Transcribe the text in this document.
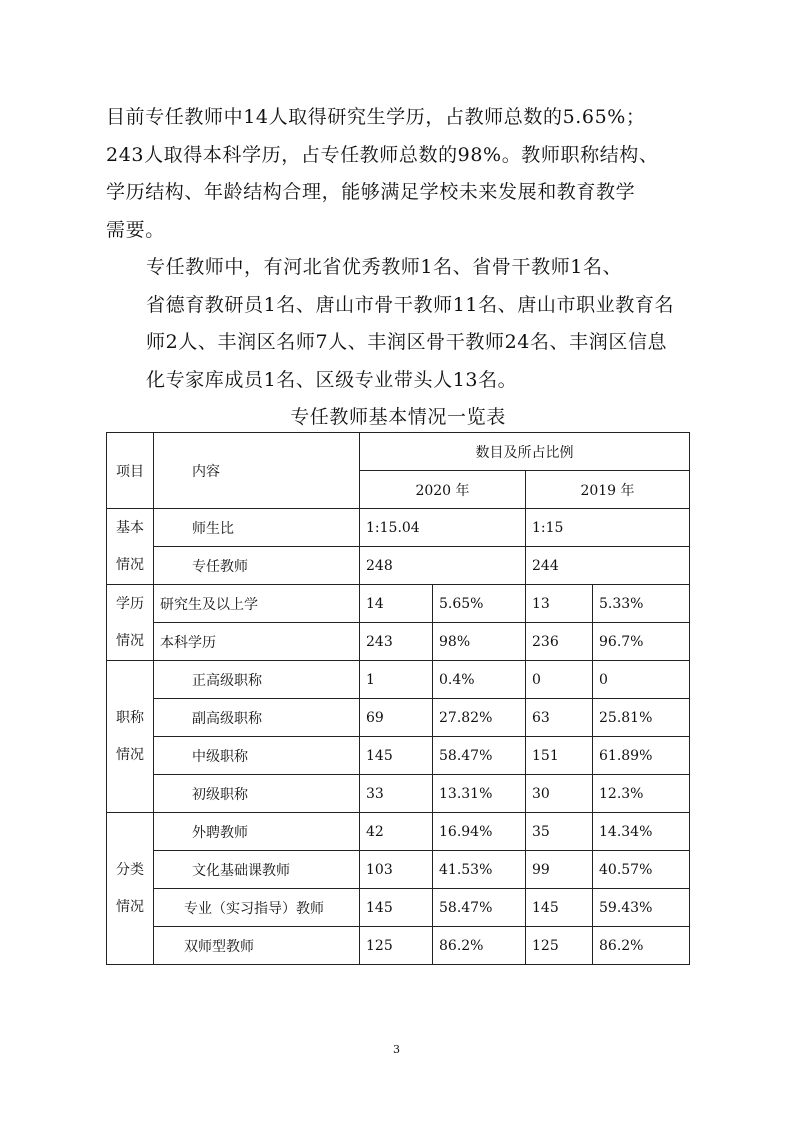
目前专任教师中14人取得研究生学历，占教师总数的5.65%；
243人取得本科学历，占专任教师总数的98%。教师职称结构、
学历结构、年龄结构合理，能够满足学校未来发展和教育教学
需要。
专任教师中，有河北省优秀教师1名、省骨干教师1名、
省德育教研员1名、唐山市骨干教师11名、唐山市职业教育名
师2人、丰润区名师7人、丰润区骨干教师24名、丰润区信息
化专家库成员1名、区级专业带头人13名。

专任教师基本情况一览表

项目	内容	数目及所占比例			
		2020 年		2019 年	

基本
情况	师生比	1:15.04		1:15	
	专任教师	248		244	

学历
情况	研究生及以上学	14	5.65%	13	5.33%
	本科学历	243	98%	236	96.7%

职称
情况	正高级职称	1	0.4%	0	0
	副高级职称	69	27.82%	63	25.81%
	中级职称	145	58.47%	151	61.89%
	初级职称	33	13.31%	30	12.3%

分类
情况	外聘教师	42	16.94%	35	14.34%
	文化基础课教师	103	41.53%	99	40.57%
	专业（实习指导）教师	145	58.47%	145	59.43%
	双师型教师	125	86.2%	125	86.2%
3
